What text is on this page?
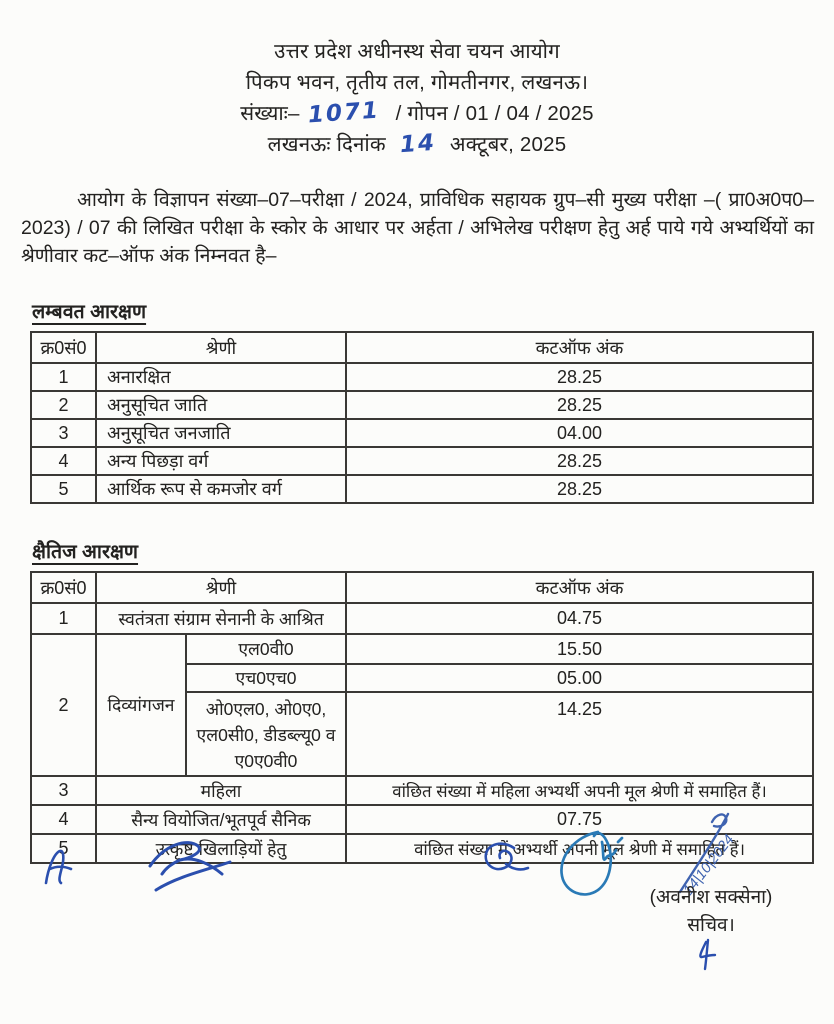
उत्तर प्रदेश अधीनस्थ सेवा चयन आयोग
पिकप भवन, तृतीय तल, गोमतीनगर, लखनऊ।
संख्याः– 1071 / गोपन / 01 / 04 / 2025
लखनऊः दिनांक 14 अक्टूबर, 2025

आयोग के विज्ञापन संख्या–07–परीक्षा / 2024, प्राविधिक सहायक ग्रुप–सी मुख्य परीक्षा –( प्रा0अ0प0–2023) / 07 की लिखित परीक्षा के स्कोर के आधार पर अर्हता / अभिलेख परीक्षण हेतु अर्ह पाये गये अभ्यर्थियों का श्रेणीवार कट–ऑफ अंक निम्नवत है–

लम्बवत आरक्षण
क्र0सं0	श्रेणी	कटऑफ अंक
1	अनारक्षित	28.25
2	अनुसूचित जाति	28.25
3	अनुसूचित जनजाति	04.00
4	अन्य पिछड़ा वर्ग	28.25
5	आर्थिक रूप से कमजोर वर्ग	28.25
क्षैतिज आरक्षण
क्र0सं0	श्रेणी		कटऑफ अंक
1	स्वतंत्रता संग्राम सेनानी के आश्रित		04.75
2	दिव्यांगजन	एल0वी0	15.50
		एच0एच0	05.00
		ओ0एल0, ओ0ए0, एल0सी0, डीडब्ल्यू0 व ए0ए0वी0	14.25
3	महिला		वांछित संख्या में महिला अभ्यर्थी अपनी मूल श्रेणी में समाहित हैं।
4	सैन्य वियोजित/भूतपूर्व सैनिक		07.75
5	उत्कृष्ट खिलाड़ियों हेतु		वांछित संख्या में अभ्यर्थी अपनी मूल श्रेणी में समाहित हैं।
14|10|2024
(अवनीश सक्सेना)
सचिव।
